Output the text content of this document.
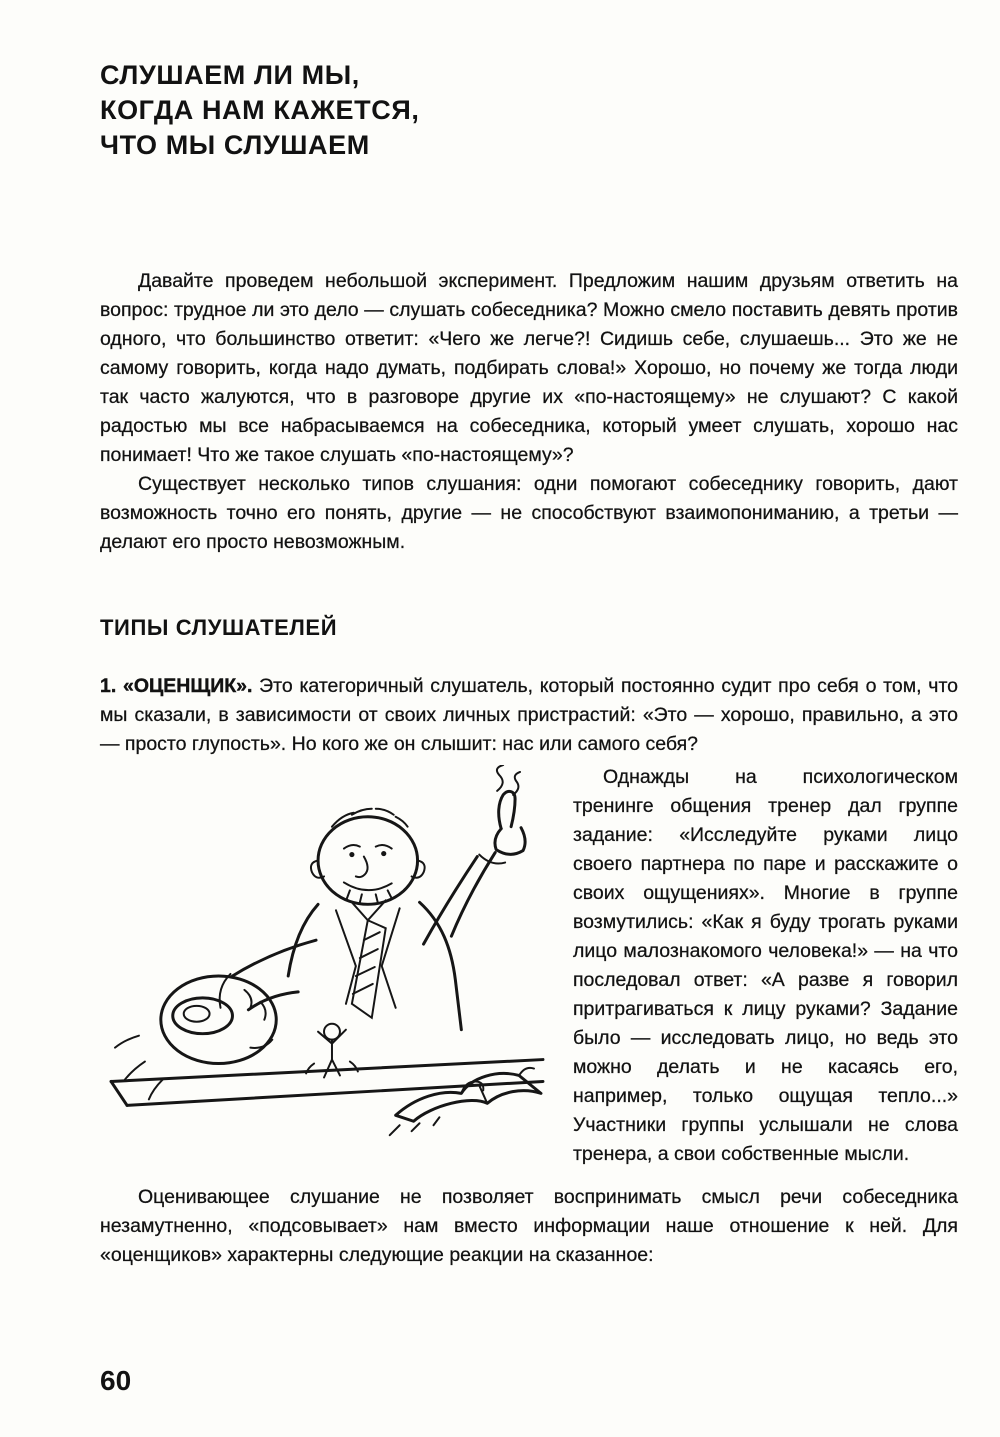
СЛУШАЕМ ЛИ МЫ,
КОГДА НАМ КАЖЕТСЯ,
ЧТО МЫ СЛУШАЕМ

Давайте проведем небольшой эксперимент. Предложим нашим друзьям ответить на вопрос: трудное ли это дело — слушать собеседника? Можно смело поставить девять против одного, что большинство ответит: «Чего же легче?! Сидишь себе, слушаешь... Это же не самому говорить, когда надо думать, подбирать слова!» Хорошо, но почему же тогда люди так часто жалуются, что в разговоре другие их «по-настоящему» не слушают? С какой радостью мы все набрасываемся на собеседника, который умеет слушать, хорошо нас понимает! Что же такое слушать «по-настоящему»?

Существует несколько типов слушания: одни помогают собеседнику говорить, дают возможность точно его понять, другие — не способствуют взаимопониманию, а третьи — делают его просто невозможным.

ТИПЫ СЛУШАТЕЛЕЙ

1. «ОЦЕНЩИК». Это категоричный слушатель, который постоянно судит про себя о том, что мы сказали, в зависимости от своих личных пристрастий: «Это — хорошо, правильно, а это — просто глупость». Но кого же он слышит: нас или самого себя?

Однажды на психологическом тренинге общения тренер дал группе задание: «Исследуйте руками лицо своего партнера по паре и расскажите о своих ощущениях». Многие в группе возмутились: «Как я буду трогать руками лицо малознакомого человека!» — на что последовал ответ: «А разве я говорил притрагиваться к лицу руками? Задание было — исследовать лицо, но ведь это можно делать и не касаясь его, например, только ощущая тепло...» Участники группы услышали не слова тренера, а свои собственные мысли.

Оценивающее слушание не позволяет воспринимать смысл речи собеседника незамутненно, «подсовывает» нам вместо информации наше отношение к ней. Для «оценщиков» характерны следующие реакции на сказанное:

60
